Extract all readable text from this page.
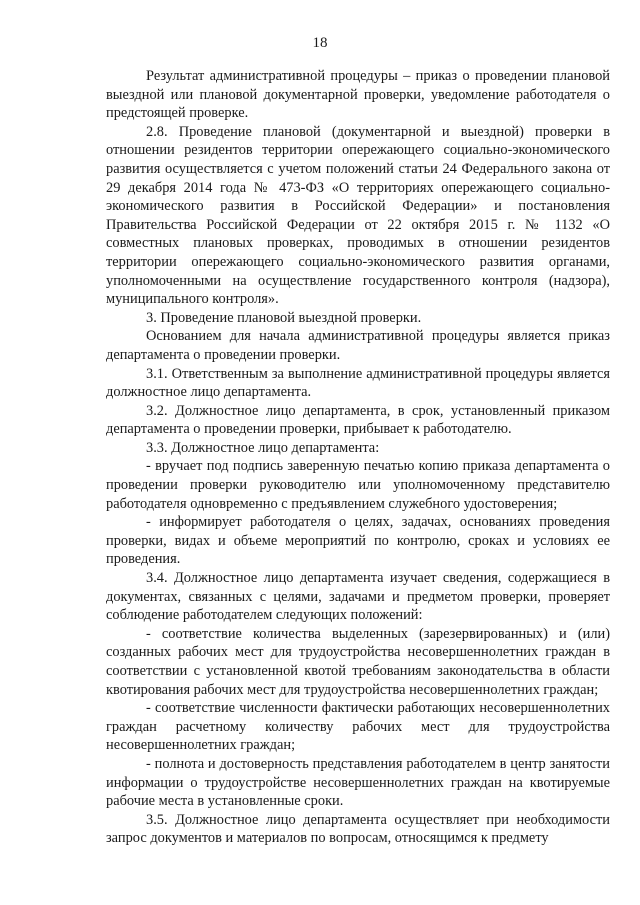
18

Результат административной процедуры – приказ о проведении плановой выездной или плановой документарной проверки, уведомление работодателя о предстоящей проверке.

2.8. Проведение плановой (документарной и выездной) проверки в отношении резидентов территории опережающего социально-экономического развития осуществляется с учетом положений статьи 24 Федерального закона от 29 декабря 2014 года № 473-ФЗ «О территориях опережающего социально-экономического развития в Российской Федерации» и постановления Правительства Российской Федерации от 22 октября 2015 г. № 1132 «О совместных плановых проверках, проводимых в отношении резидентов территории опережающего социально-экономического развития органами, уполномоченными на осуществление государственного контроля (надзора), муниципального контроля».

3. Проведение плановой выездной проверки.

Основанием для начала административной процедуры является приказ департамента о проведении проверки.

3.1. Ответственным за выполнение административной процедуры является должностное лицо департамента.

3.2. Должностное лицо департамента, в срок, установленный приказом департамента о проведении проверки, прибывает к работодателю.

3.3. Должностное лицо департамента:

- вручает под подпись заверенную печатью копию приказа департамента о проведении проверки руководителю или уполномоченному представителю работодателя одновременно с предъявлением служебного удостоверения;

- информирует работодателя о целях, задачах, основаниях проведения проверки, видах и объеме мероприятий по контролю, сроках и условиях ее проведения.

3.4. Должностное лицо департамента изучает сведения, содержащиеся в документах, связанных с целями, задачами и предметом проверки, проверяет соблюдение работодателем следующих положений:

- соответствие количества выделенных (зарезервированных) и (или) созданных рабочих мест для трудоустройства несовершеннолетних граждан в соответствии с установленной квотой требованиям законодательства в области квотирования рабочих мест для трудоустройства несовершеннолетних граждан;

- соответствие численности фактически работающих несовершеннолетних граждан расчетному количеству рабочих мест для трудоустройства несовершеннолетних граждан;

- полнота и достоверность представления работодателем в центр занятости информации о трудоустройстве несовершеннолетних граждан на квотируемые рабочие места в установленные сроки.

3.5. Должностное лицо департамента осуществляет при необходимости запрос документов и материалов по вопросам, относящимся к предмету
